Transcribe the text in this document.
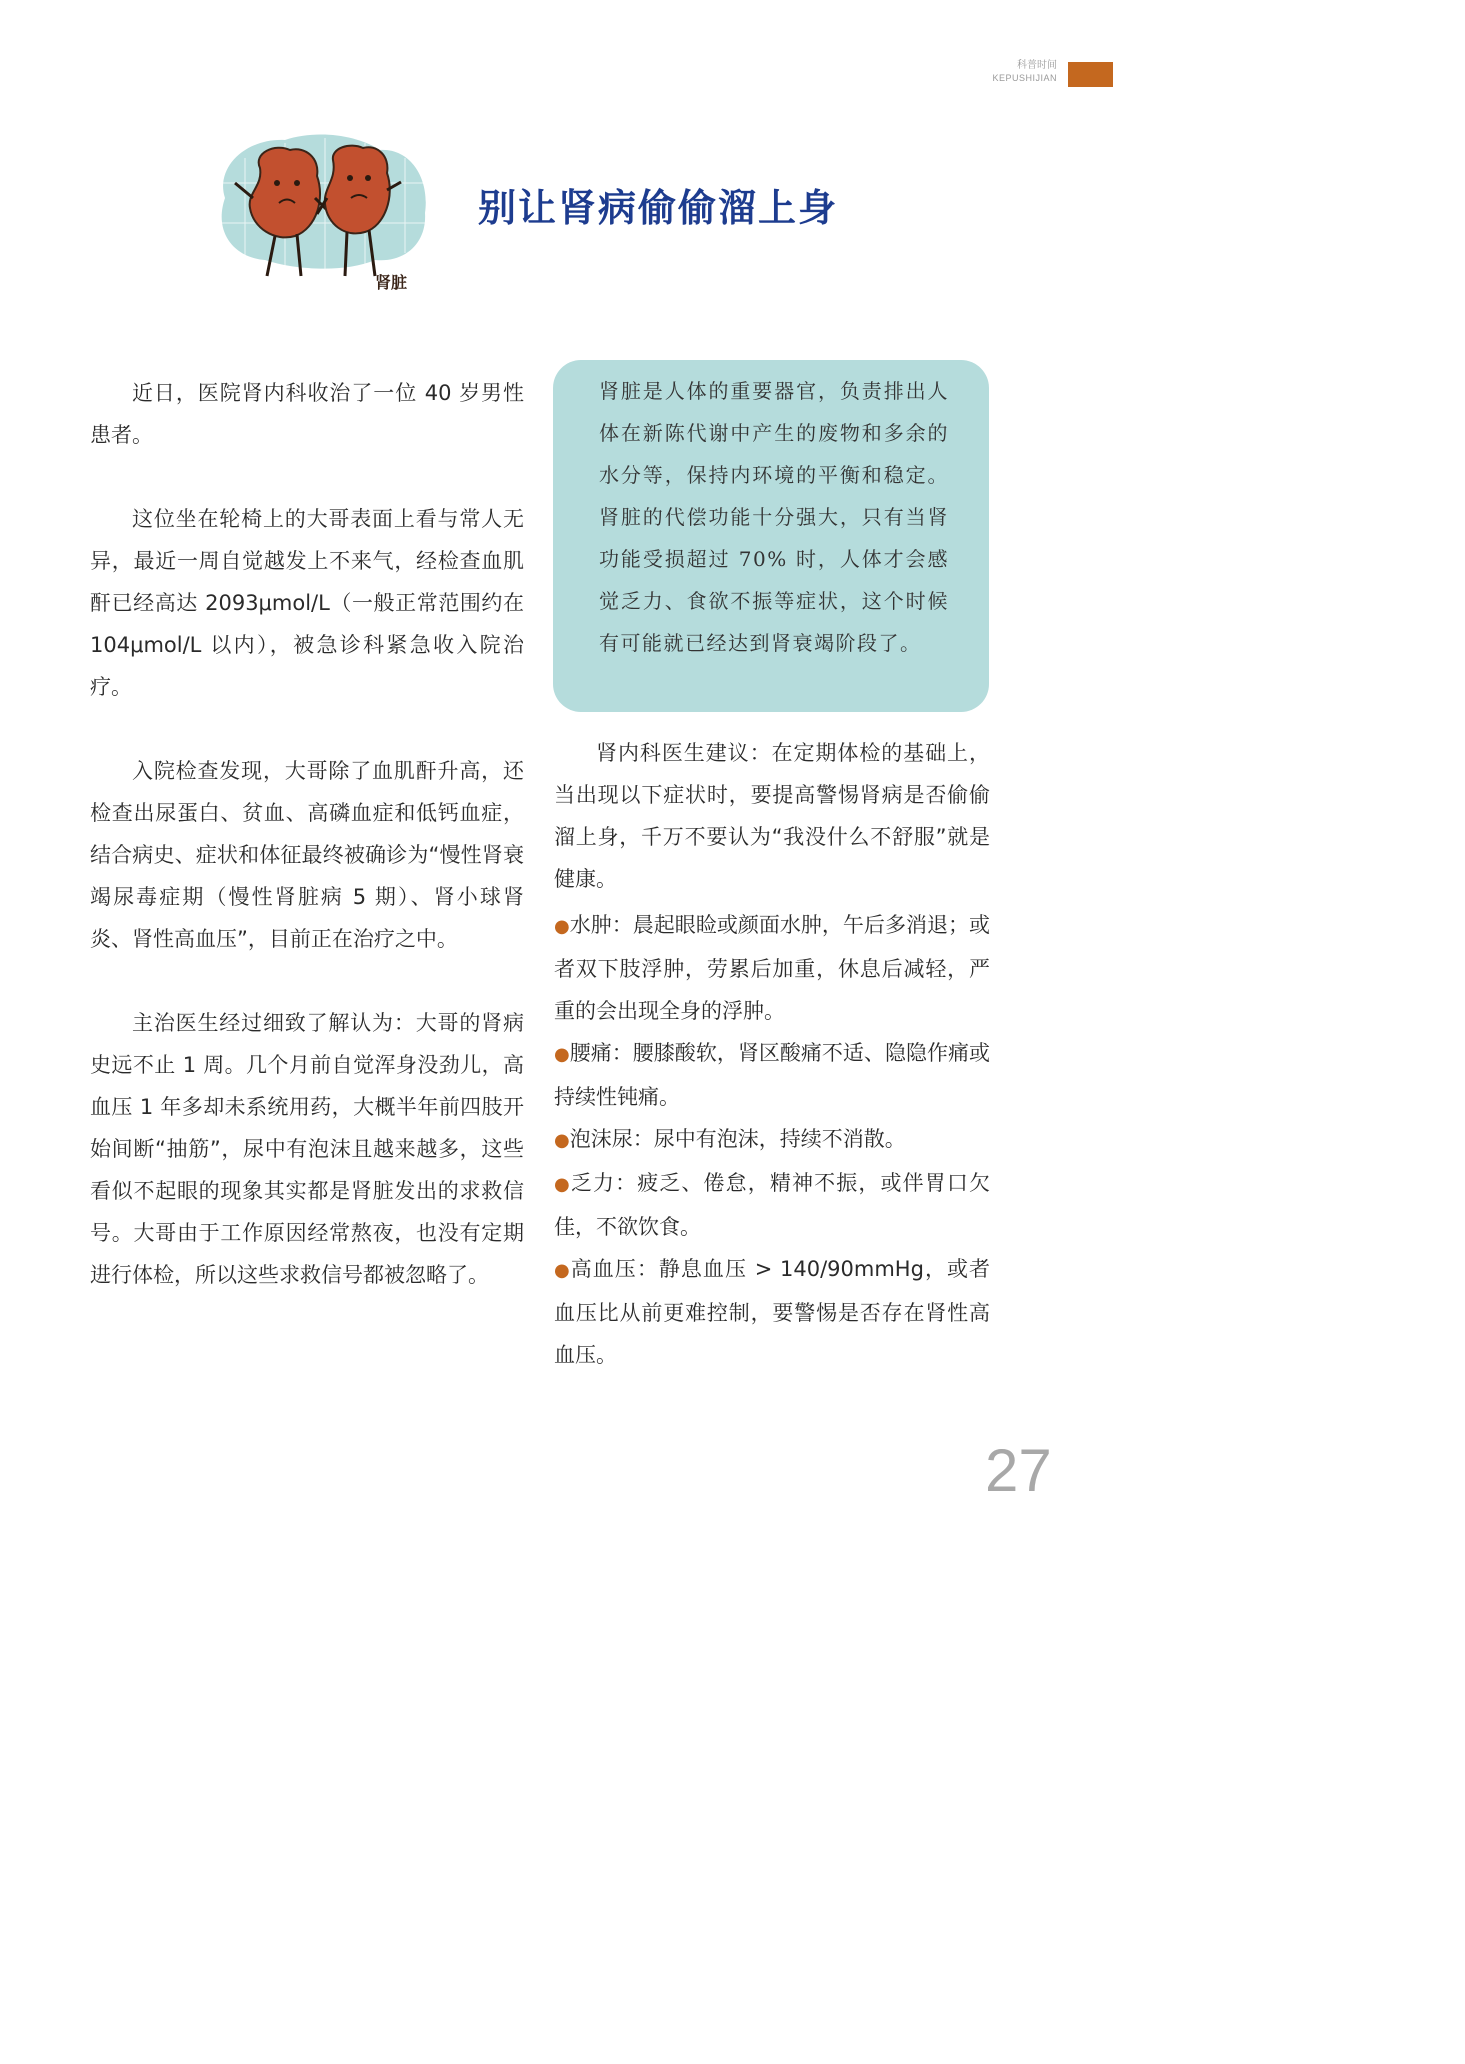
科普时间
KEPUSHIJIAN
肾脏
别让肾病偷偷溜上身

近日，医院肾内科收治了一位 40 岁男性患者。

这位坐在轮椅上的大哥表面上看与常人无异，最近一周自觉越发上不来气，经检查血肌酐已经高达 2093μmol/L（一般正常范围约在 104μmol/L 以内），被急诊科紧急收入院治疗。

入院检查发现，大哥除了血肌酐升高，还检查出尿蛋白、贫血、高磷血症和低钙血症，结合病史、症状和体征最终被确诊为“慢性肾衰竭尿毒症期（慢性肾脏病 5 期）、肾小球肾炎、肾性高血压”，目前正在治疗之中。

主治医生经过细致了解认为：大哥的肾病史远不止 1 周。几个月前自觉浑身没劲儿，高血压 1 年多却未系统用药，大概半年前四肢开始间断“抽筋”，尿中有泡沫且越来越多，这些看似不起眼的现象其实都是肾脏发出的求救信号。大哥由于工作原因经常熬夜，也没有定期进行体检，所以这些求救信号都被忽略了。

肾脏是人体的重要器官，负责排出人体在新陈代谢中产生的废物和多余的水分等，保持内环境的平衡和稳定。肾脏的代偿功能十分强大，只有当肾功能受损超过 70% 时，人体才会感觉乏力、食欲不振等症状，这个时候有可能就已经达到肾衰竭阶段了。

肾内科医生建议：在定期体检的基础上，当出现以下症状时，要提高警惕肾病是否偷偷溜上身，千万不要认为“我没什么不舒服”就是健康。

●水肿：晨起眼睑或颜面水肿，午后多消退；或者双下肢浮肿，劳累后加重，休息后减轻，严重的会出现全身的浮肿。

●腰痛：腰膝酸软，肾区酸痛不适、隐隐作痛或持续性钝痛。

●泡沫尿：尿中有泡沫，持续不消散。

●乏力：疲乏、倦怠，精神不振，或伴胃口欠佳，不欲饮食。

●高血压：静息血压 > 140/90mmHg，或者血压比从前更难控制，要警惕是否存在肾性高血压。

27
